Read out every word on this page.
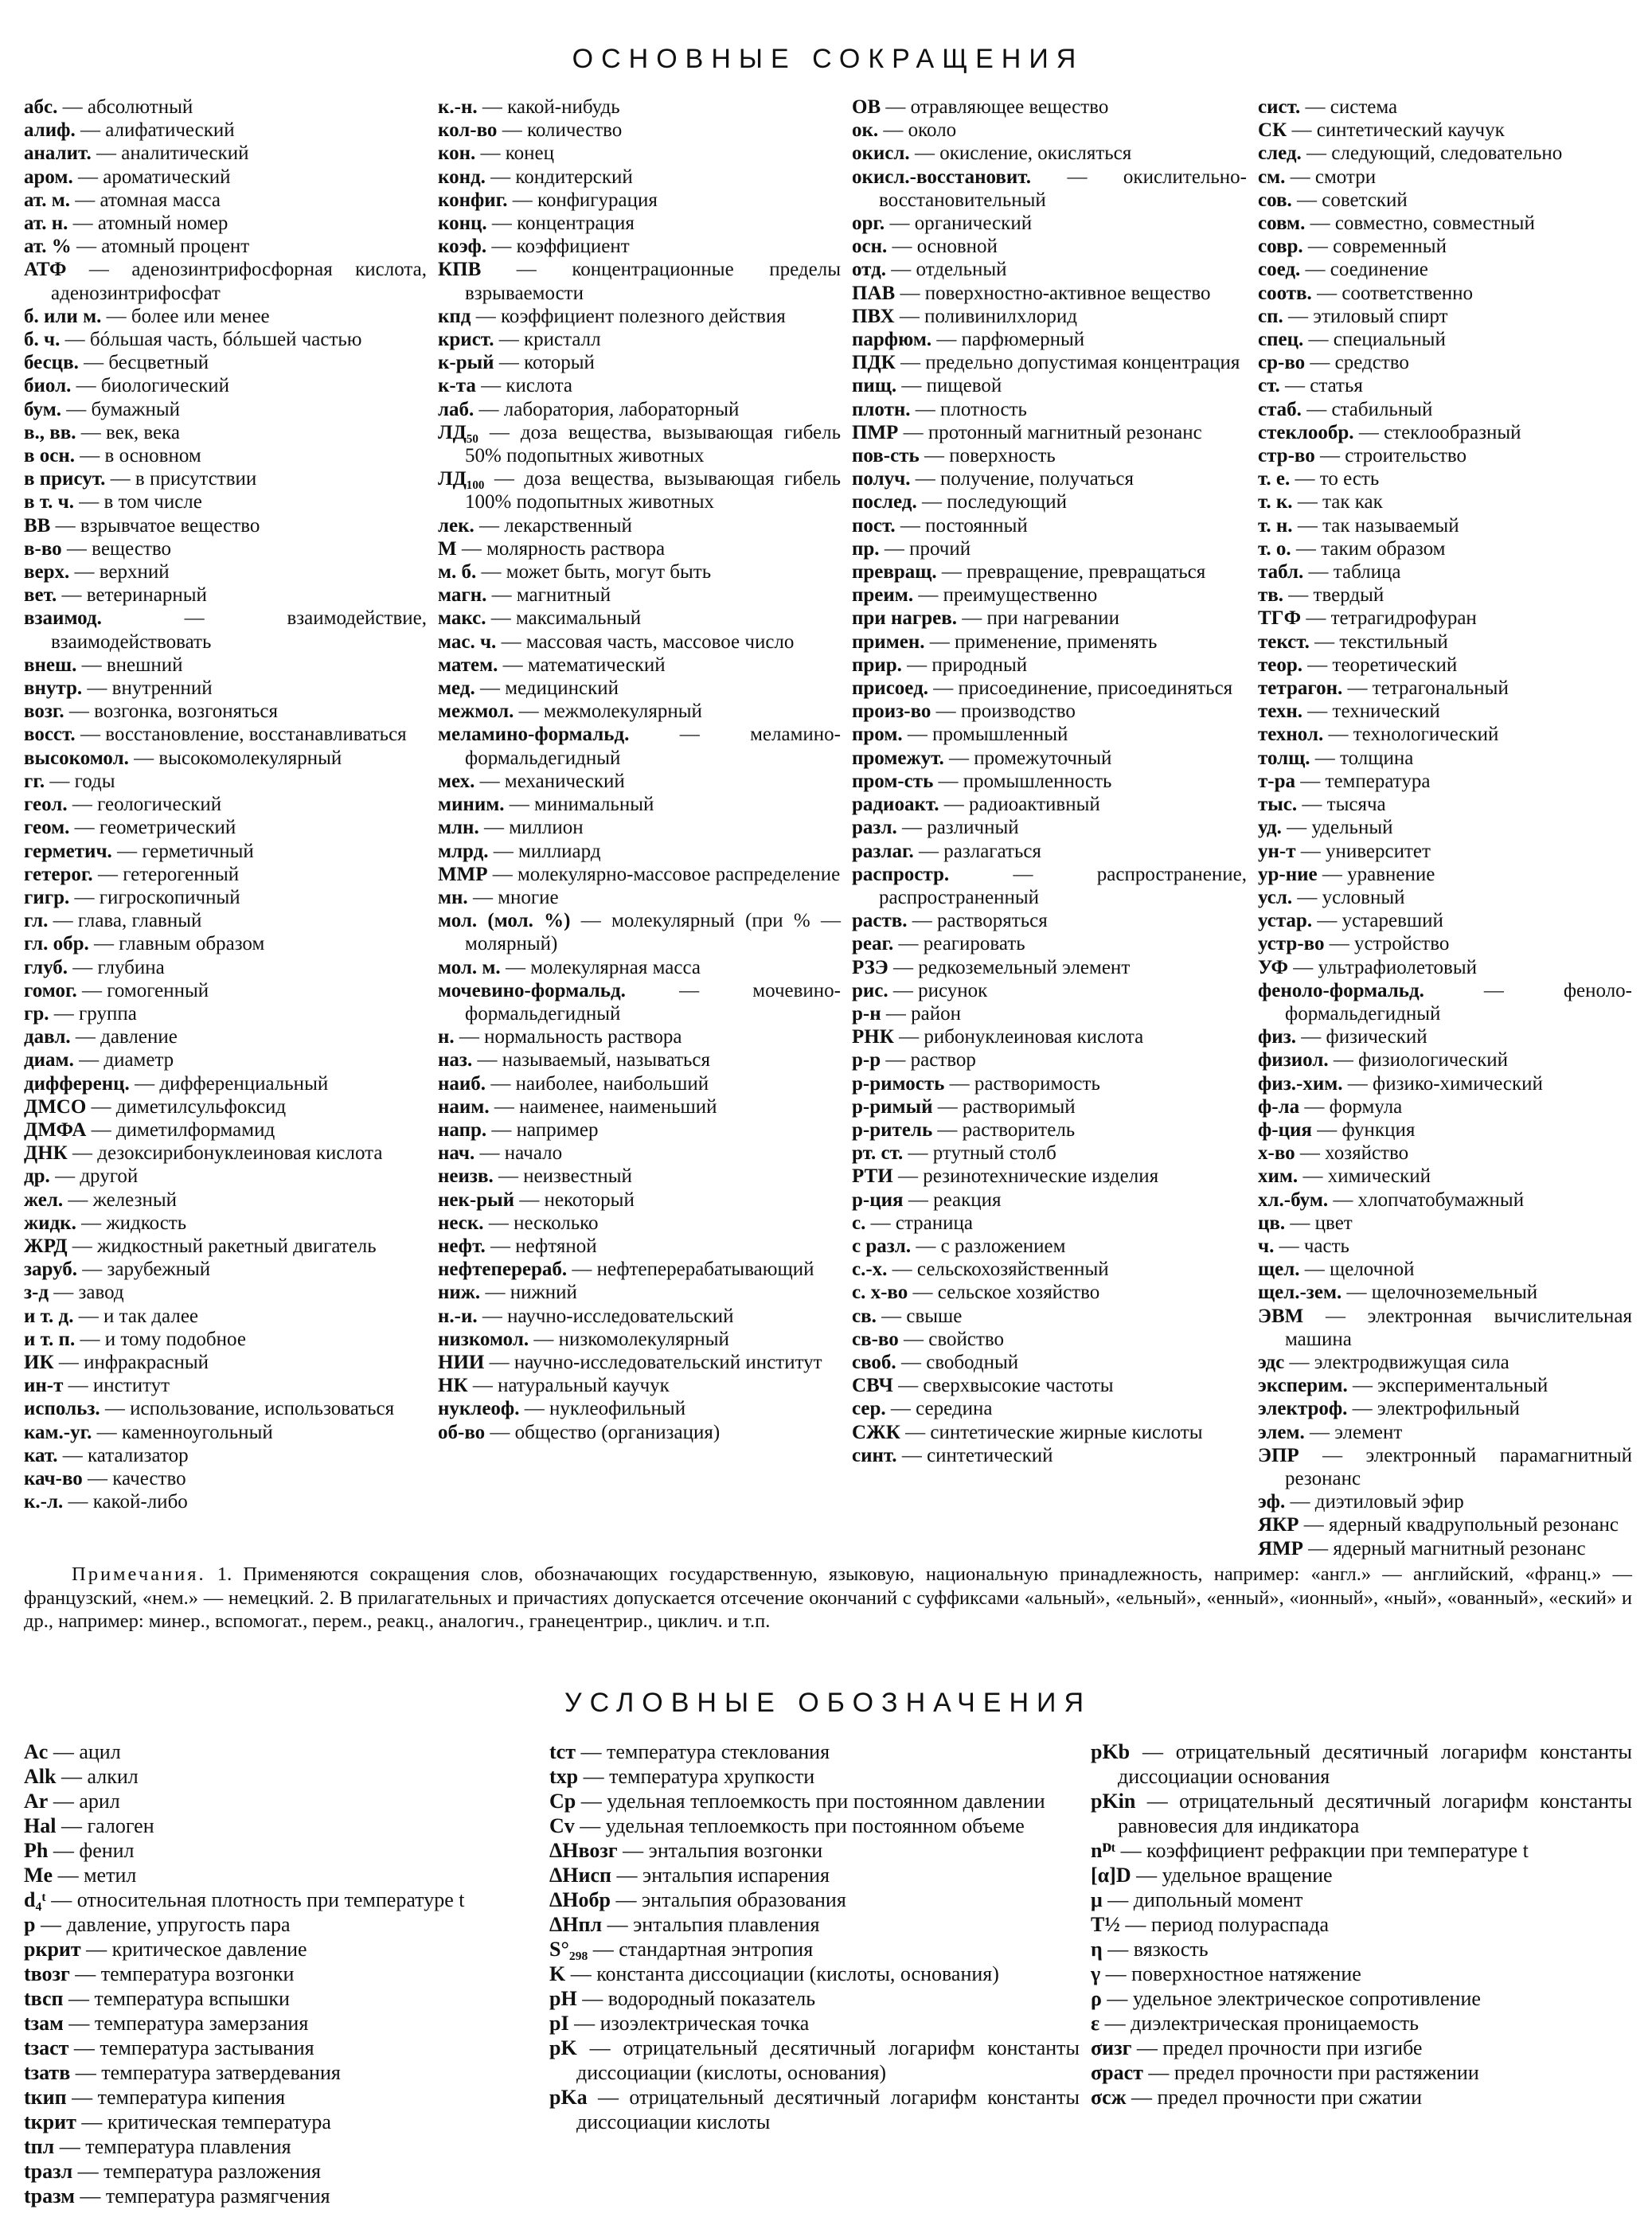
ОСНОВНЫЕ СОКРАЩЕНИЯ
абс. — абсолютный
алиф. — алифатический
аналит. — аналитический
аром. — ароматический
ат. м. — атомная масса
ат. н. — атомный номер
ат. % — атомный процент
АТФ — аденозинтрифосфорная кислота, аденозинтрифосфат
б. или м. — более или менее
б. ч. — бóльшая часть, бóльшей частью
бесцв. — бесцветный
биол. — биологический
бум. — бумажный
в., вв. — век, века
в осн. — в основном
в присут. — в присутствии
в т. ч. — в том числе
ВВ — взрывчатое вещество
в-во — вещество
верх. — верхний
вет. — ветеринарный
взаимод. — взаимодействие, взаимодействовать
внеш. — внешний
внутр. — внутренний
возг. — возгонка, возгоняться
восст. — восстановление, восстанавливаться
высокомол. — высокомолекулярный
гг. — годы
геол. — геологический
геом. — геометрический
герметич. — герметичный
гетерог. — гетерогенный
гигр. — гигроскопичный
гл. — глава, главный
гл. обр. — главным образом
глуб. — глубина
гомог. — гомогенный
гр. — группа
давл. — давление
диам. — диаметр
дифференц. — дифференциальный
ДМСО — диметилсульфоксид
ДМФА — диметилформамид
ДНК — дезоксирибонуклеиновая кислота
др. — другой
жел. — железный
жидк. — жидкость
ЖРД — жидкостный ракетный двигатель
заруб. — зарубежный
з-д — завод
и т. д. — и так далее
и т. п. — и тому подобное
ИК — инфракрасный
ин-т — институт
использ. — использование, использоваться
кам.-уг. — каменноугольный
кат. — катализатор
кач-во — качество
к.-л. — какой-либо
к.-н. — какой-нибудь
кол-во — количество
кон. — конец
конд. — кондитерский
конфиг. — конфигурация
конц. — концентрация
коэф. — коэффициент
КПВ — концентрационные пределы взрываемости
кпд — коэффициент полезного действия
крист. — кристалл
к-рый — который
к-та — кислота
лаб. — лаборатория, лабораторный
ЛД₅₀ — доза вещества, вызывающая гибель 50% подопытных животных
ЛД₁₀₀ — доза вещества, вызывающая гибель 100% подопытных животных
лек. — лекарственный
М — молярность раствора
м. б. — может быть, могут быть
магн. — магнитный
макс. — максимальный
мас. ч. — массовая часть, массовое число
матем. — математический
мед. — медицинский
межмол. — межмолекулярный
меламино-формальд. — меламино-формальдегидный
мех. — механический
миним. — минимальный
млн. — миллион
млрд. — миллиард
ММР — молекулярно-массовое распределение
мн. — многие
мол. (мол. %) — молекулярный (при % — молярный)
мол. м. — молекулярная масса
мочевино-формальд. — мочевино-формальдегидный
н. — нормальность раствора
наз. — называемый, называться
наиб. — наиболее, наибольший
наим. — наименее, наименьший
напр. — например
нач. — начало
неизв. — неизвестный
нек-рый — некоторый
неск. — несколько
нефт. — нефтяной
нефтеперераб. — нефтеперерабатывающий
ниж. — нижний
н.-и. — научно-исследовательский
низкомол. — низкомолекулярный
НИИ — научно-исследовательский институт
НК — натуральный каучук
нуклеоф. — нуклеофильный
об-во — общество (организация)
ОВ — отравляющее вещество
ок. — около
окисл. — окисление, окисляться
окисл.-восстановит. — окислительно-восстановительный
орг. — органический
осн. — основной
отд. — отдельный
ПАВ — поверхностно-активное вещество
ПВХ — поливинилхлорид
парфюм. — парфюмерный
ПДК — предельно допустимая концентрация
пищ. — пищевой
плотн. — плотность
ПМР — протонный магнитный резонанс
пов-сть — поверхность
получ. — получение, получаться
послед. — последующий
пост. — постоянный
пр. — прочий
превращ. — превращение, превращаться
преим. — преимущественно
при нагрев. — при нагревании
примен. — применение, применять
прир. — природный
присоед. — присоединение, присоединяться
произ-во — производство
пром. — промышленный
промежут. — промежуточный
пром-сть — промышленность
радиоакт. — радиоактивный
разл. — различный
разлаг. — разлагаться
распростр. — распространение, распространенный
раств. — растворяться
реаг. — реагировать
РЗЭ — редкоземельный элемент
рис. — рисунок
р-н — район
РНК — рибонуклеиновая кислота
р-р — раствор
р-римость — растворимость
р-римый — растворимый
р-ритель — растворитель
рт. ст. — ртутный столб
РТИ — резинотехнические изделия
р-ция — реакция
с. — страница
с разл. — с разложением
с.-х. — сельскохозяйственный
с. х-во — сельское хозяйство
св. — свыше
св-во — свойство
своб. — свободный
СВЧ — сверхвысокие частоты
сер. — середина
СЖК — синтетические жирные кислоты
синт. — синтетический
сист. — система
СК — синтетический каучук
след. — следующий, следовательно
см. — смотри
сов. — советский
совм. — совместно, совместный
совр. — современный
соед. — соединение
соотв. — соответственно
сп. — этиловый спирт
спец. — специальный
ср-во — средство
ст. — статья
стаб. — стабильный
стеклообр. — стеклообразный
стр-во — строительство
т. е. — то есть
т. к. — так как
т. н. — так называемый
т. о. — таким образом
табл. — таблица
тв. — твердый
ТГФ — тетрагидрофуран
текст. — текстильный
теор. — теоретический
тетрагон. — тетрагональный
техн. — технический
технол. — технологический
толщ. — толщина
т-ра — температура
тыс. — тысяча
уд. — удельный
ун-т — университет
ур-ние — уравнение
усл. — условный
устар. — устаревший
устр-во — устройство
УФ — ультрафиолетовый
феноло-формальд. — феноло-формальдегидный
физ. — физический
физиол. — физиологический
физ.-хим. — физико-химический
ф-ла — формула
ф-ция — функция
х-во — хозяйство
хим. — химический
хл.-бум. — хлопчатобумажный
цв. — цвет
ч. — часть
щел. — щелочной
щел.-зем. — щелочноземельный
ЭВМ — электронная вычислительная машина
эдс — электродвижущая сила
эксперим. — экспериментальный
электроф. — электрофильный
элем. — элемент
ЭПР — электронный парамагнитный резонанс
эф. — диэтиловый эфир
ЯКР — ядерный квадрупольный резонанс
ЯМР — ядерный магнитный резонанс
Примечания. 1. Применяются сокращения слов, обозначающих государственную, языковую, национальную принадлежность, например: «англ.» — английский, «франц.» — французский, «нем.» — немецкий. 2. В прилагательных и причастиях допускается отсечение окончаний с суффиксами «альный», «ельный», «енный», «ионный», «ный», «ованный», «еский» и др., например: минер., вспомогат., перем., реакц., аналогич., гранецентрир., циклич. и т.п.
УСЛОВНЫЕ ОБОЗНАЧЕНИЯ
Ac — ацил
Alk — алкил
Ar — арил
Hal — галоген
Ph — фенил
Me — метил
d₄ᵗ — относительная плотность при температуре t
p — давление, упругость пара
pкрит — критическое давление
tвозг — температура возгонки
tвсп — температура вспышки
tзам — температура замерзания
tзаст — температура застывания
tзатв — температура затвердевания
tкип — температура кипения
tкрит — критическая температура
tпл — температура плавления
tразл — температура разложения
tразм — температура размягчения
tст — температура стеклования
tхр — температура хрупкости
Cp — удельная теплоемкость при постоянном давлении
Cv — удельная теплоемкость при постоянном объеме
ΔHвозг — энтальпия возгонки
ΔHисп — энтальпия испарения
ΔHобр — энтальпия образования
ΔHпл — энтальпия плавления
S°₂₉₈ — стандартная энтропия
K — константа диссоциации (кислоты, основания)
pH — водородный показатель
pI — изоэлектрическая точка
pK — отрицательный десятичный логарифм константы диссоциации (кислоты, основания)
pKa — отрицательный десятичный логарифм константы диссоциации кислоты
pKb — отрицательный десятичный логарифм константы диссоциации основания
pKin — отрицательный десятичный логарифм константы равновесия для индикатора
nᴰᵗ — коэффициент рефракции при температуре t
[α]D — удельное вращение
μ — дипольный момент
T½ — период полураспада
η — вязкость
γ — поверхностное натяжение
ρ — удельное электрическое сопротивление
ε — диэлектрическая проницаемость
σизг — предел прочности при изгибе
σраст — предел прочности при растяжении
σсж — предел прочности при сжатии
